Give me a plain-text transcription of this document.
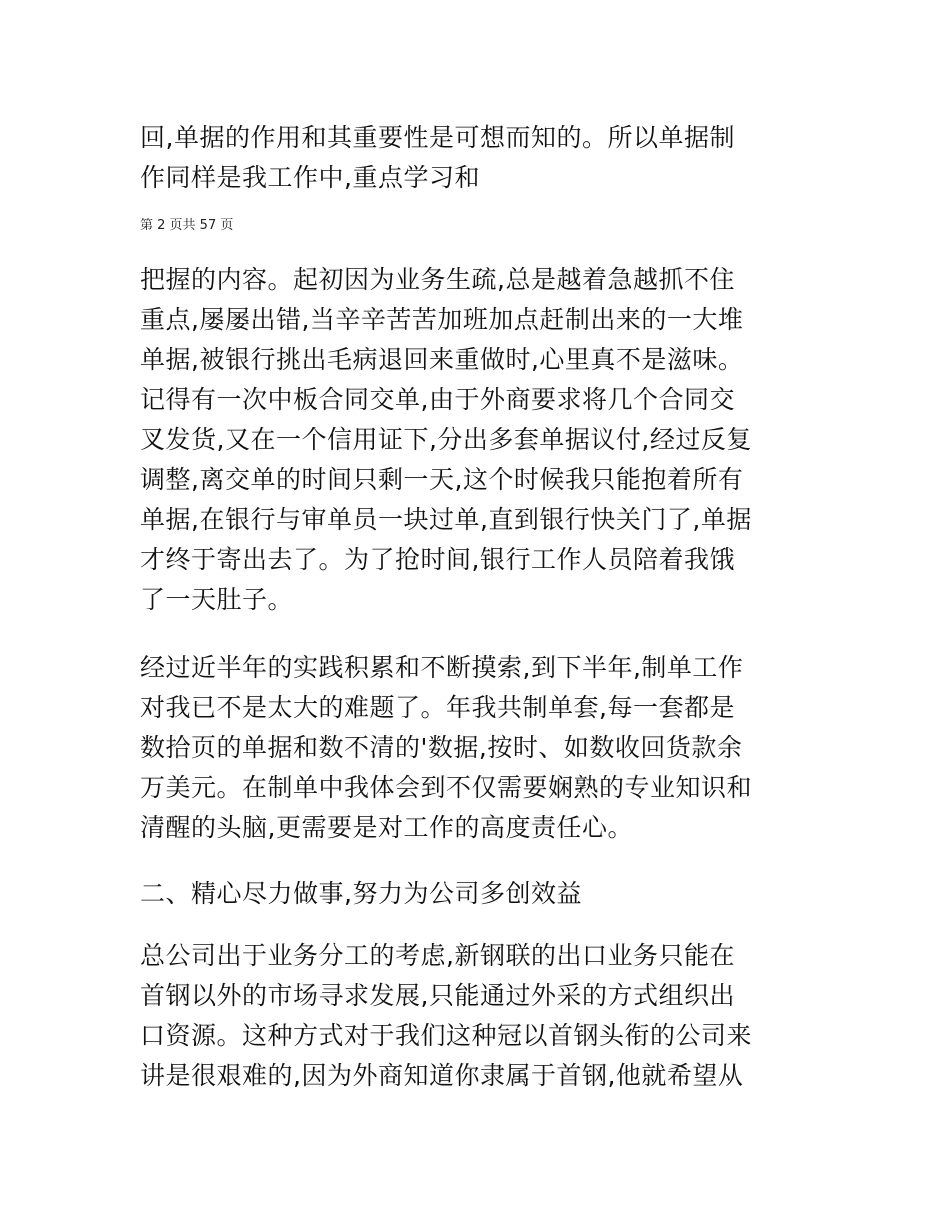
回,单据的作用和其重要性是可想而知的。所以单据制
作同样是我工作中,重点学习和
第 2 页共 57 页
把握的内容。起初因为业务生疏,总是越着急越抓不住
重点,屡屡出错,当辛辛苦苦加班加点赶制出来的一大堆
单据,被银行挑出毛病退回来重做时,心里真不是滋味。
记得有一次中板合同交单,由于外商要求将几个合同交
叉发货,又在一个信用证下,分出多套单据议付,经过反复
调整,离交单的时间只剩一天,这个时候我只能抱着所有
单据,在银行与审单员一块过单,直到银行快关门了,单据
才终于寄出去了。为了抢时间,银行工作人员陪着我饿
了一天肚子。
经过近半年的实践积累和不断摸索,到下半年,制单工作
对我已不是太大的难题了。年我共制单套,每一套都是
数拾页的单据和数不清的'数据,按时、如数收回货款余
万美元。在制单中我体会到不仅需要娴熟的专业知识和
清醒的头脑,更需要是对工作的高度责任心。
二、精心尽力做事,努力为公司多创效益
总公司出于业务分工的考虑,新钢联的出口业务只能在
首钢以外的市场寻求发展,只能通过外采的方式组织出
口资源。这种方式对于我们这种冠以首钢头衔的公司来
讲是很艰难的,因为外商知道你隶属于首钢,他就希望从
